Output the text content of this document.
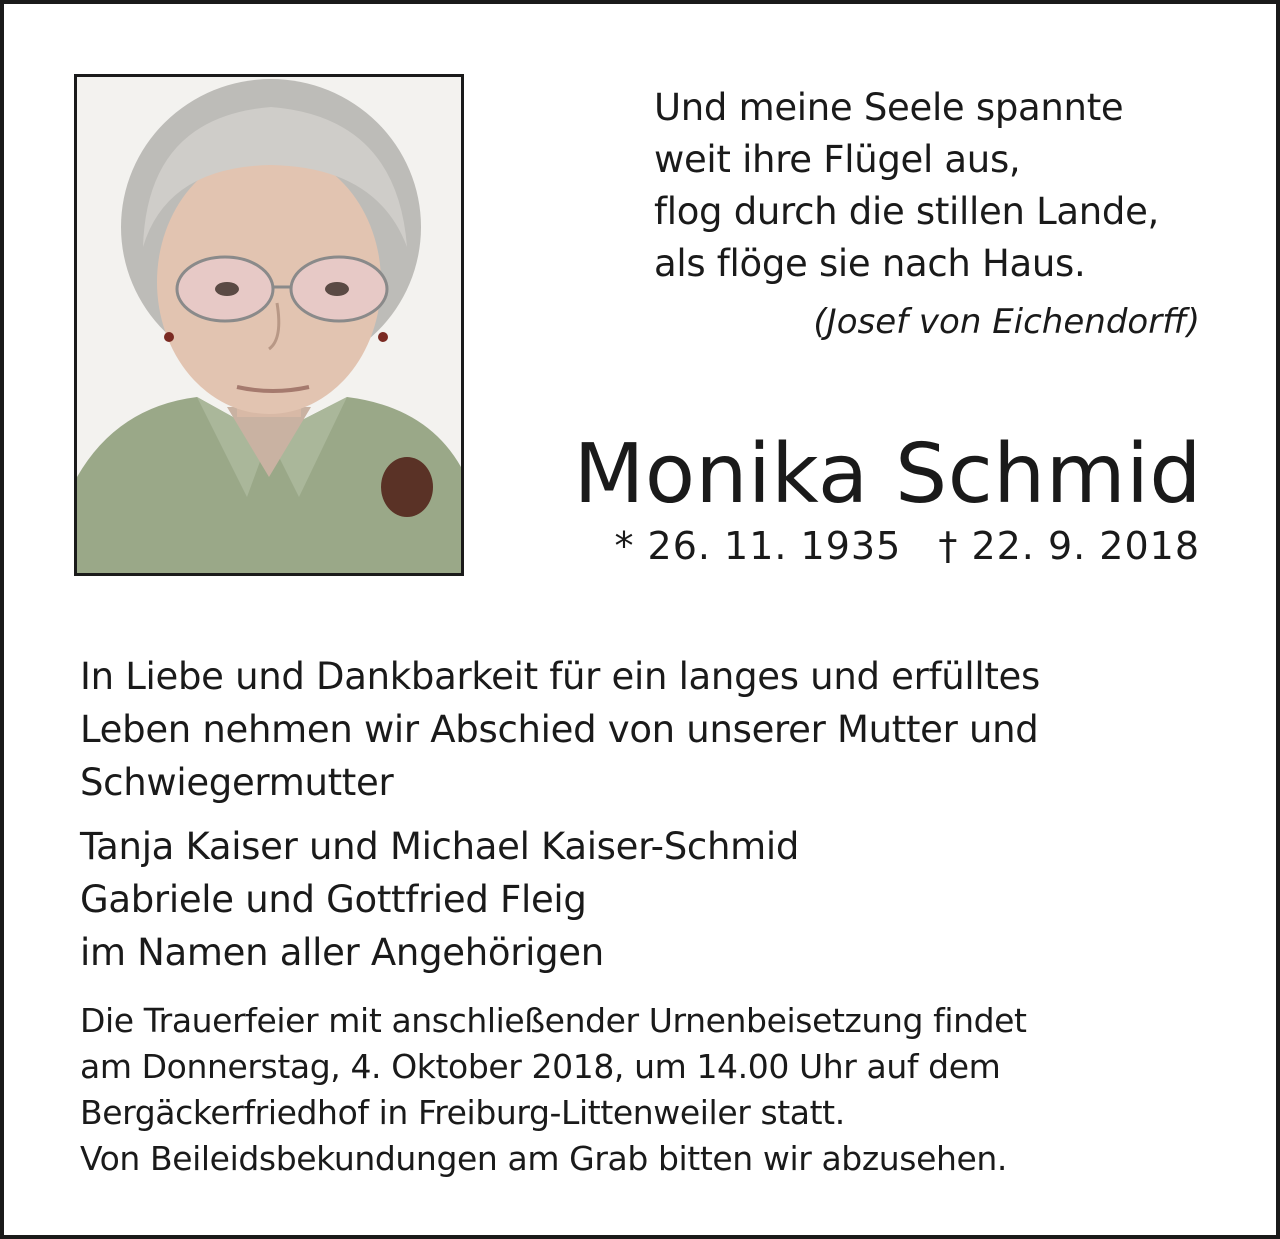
Und meine Seele spannte
weit ihre Flügel aus,
flog durch die stillen Lande,
als flöge sie nach Haus.
(Josef von Eichendorff)
Monika Schmid
* 26. 11. 1935 † 22. 9. 2018
In Liebe und Dankbarkeit für ein langes und erfülltes
Leben nehmen wir Abschied von unserer Mutter und
Schwiegermutter
Tanja Kaiser und Michael Kaiser-Schmid
Gabriele und Gottfried Fleig
im Namen aller Angehörigen
Die Trauerfeier mit anschließender Urnenbeisetzung findet
am Donnerstag, 4. Oktober 2018, um 14.00 Uhr auf dem
Bergäckerfriedhof in Freiburg-Littenweiler statt.
Von Beileidsbekundungen am Grab bitten wir abzusehen.
